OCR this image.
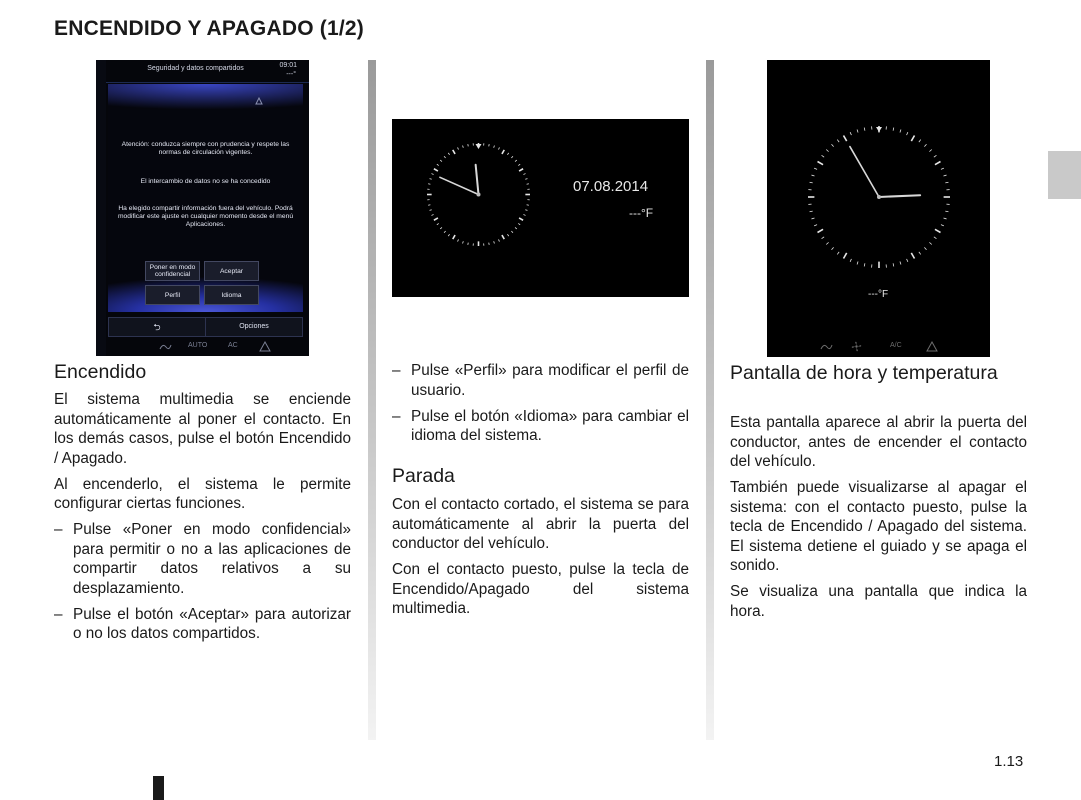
ENCENDIDO Y APAGADO (1/2)
Seguridad y datos compartidos	09:01
---°
Atención: conduzca siempre con prudencia y respete las normas de circulación vigentes.
El intercambio de datos no se ha concedido
Ha elegido compartir información fuera del vehículo. Podrá modificar este ajuste en cualquier momento desde el menú Aplicaciones.
Poner en modo confidencial	Aceptar
Perfil	Idioma
⮌	Opciones
AUTO	AC
07.08.2014
---°F
---°F
A/C
Encendido

El sistema multimedia se enciende automáticamente al poner el contacto. En los demás casos, pulse el botón Encendido / Apagado.

Al encenderlo, el sistema le permite configurar ciertas funciones.

– Pulse «Poner en modo confidencial» para permitir o no a las aplicaciones de compartir datos relativos a su desplazamiento.
– Pulse el botón «Aceptar» para autorizar o no los datos compartidos.
– Pulse «Perfil» para modificar el perfil de usuario.
– Pulse el botón «Idioma» para cambiar el idioma del sistema.
Parada

Con el contacto cortado, el sistema se para automáticamente al abrir la puerta del conductor del vehículo.

Con el contacto puesto, pulse la tecla de Encendido/Apagado del sistema multimedia.

Pantalla de hora y temperatura

Esta pantalla aparece al abrir la puerta del conductor, antes de encender el contacto del vehículo.

También puede visualizarse al apagar el sistema: con el contacto puesto, pulse la tecla de Encendido / Apagado del sistema. El sistema detiene el guiado y se apaga el sonido.

Se visualiza una pantalla que indica la hora.

1.13
